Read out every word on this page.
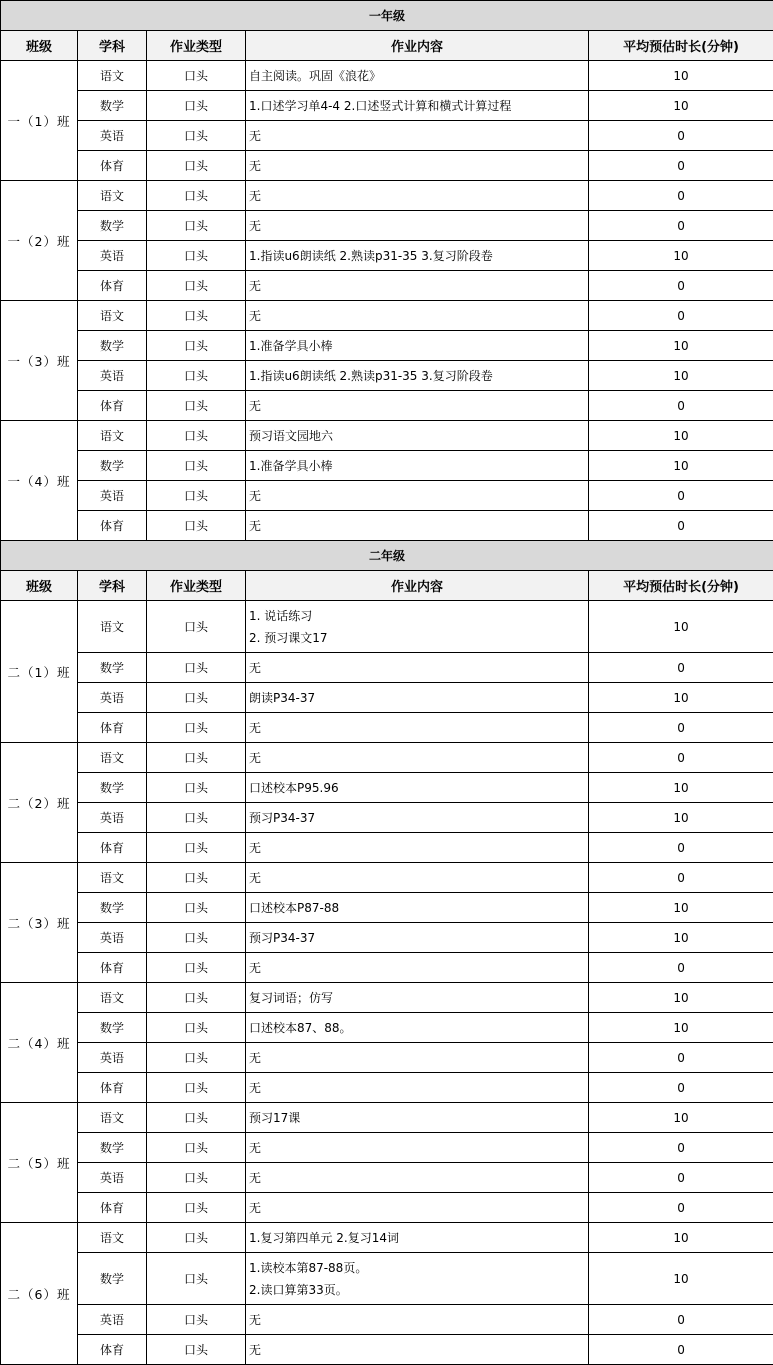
一年级				
班级	学科	作业类型	作业内容	平均预估时长(分钟)
一（1）班	语文	口头	自主阅读。巩固《浪花》	10
	数学	口头	1.口述学习单4-4 2.口述竖式计算和横式计算过程	10
	英语	口头	无	0
	体育	口头	无	0
一（2）班	语文	口头	无	0
	数学	口头	无	0
	英语	口头	1.指读u6朗读纸 2.熟读p31-35 3.复习阶段卷	10
	体育	口头	无	0
一（3）班	语文	口头	无	0
	数学	口头	1.准备学具小棒	10
	英语	口头	1.指读u6朗读纸 2.熟读p31-35 3.复习阶段卷	10
	体育	口头	无	0
一（4）班	语文	口头	预习语文园地六	10
	数学	口头	1.准备学具小棒	10
	英语	口头	无	0
	体育	口头	无	0
二年级				
班级	学科	作业类型	作业内容	平均预估时长(分钟)
二（1）班	语文	口头	1. 说话练习
2. 预习课文17	10
	数学	口头	无	0
	英语	口头	朗读P34-37	10
	体育	口头	无	0
二（2）班	语文	口头	无	0
	数学	口头	口述校本P95.96	10
	英语	口头	预习P34-37	10
	体育	口头	无	0
二（3）班	语文	口头	无	0
	数学	口头	口述校本P87-88	10
	英语	口头	预习P34-37	10
	体育	口头	无	0
二（4）班	语文	口头	复习词语；仿写	10
	数学	口头	口述校本87、88。	10
	英语	口头	无	0
	体育	口头	无	0
二（5）班	语文	口头	预习17课	10
	数学	口头	无	0
	英语	口头	无	0
	体育	口头	无	0
二（6）班	语文	口头	1.复习第四单元 2.复习14词	10
	数学	口头	1.读校本第87-88页。
2.读口算第33页。	10
	英语	口头	无	0
	体育	口头	无	0
